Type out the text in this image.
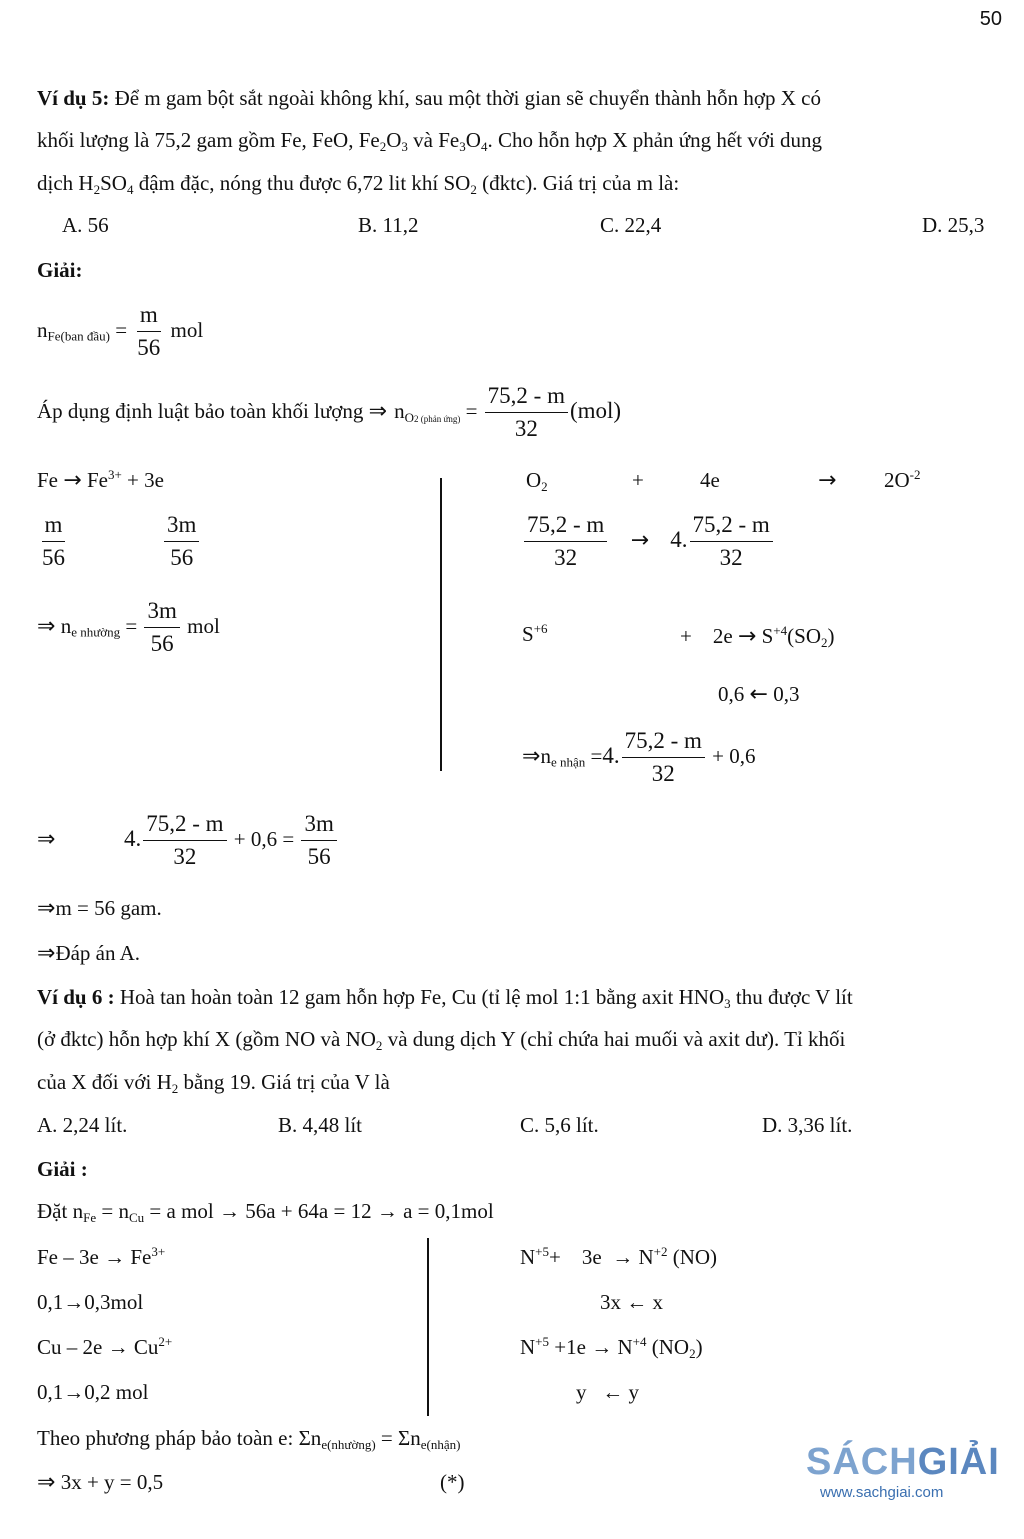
50
Ví dụ 5: Để m gam bột sắt ngoài không khí, sau một thời gian sẽ chuyển thành hỗn hợp X có
khối lượng là 75,2 gam gồm Fe, FeO, $Fe_2O_3$ và $Fe_3O_4$. Cho hỗn hợp X phản ứng hết với dung
dịch $H_2SO_4$ đậm đặc, nóng thu được 6,72 lit khí $SO_2$ (đktc). Giá trị của m là:
A. 56	B. 11,2	C. 22,4	D. 25,3
Giải:
$n_{Fe(ban đầu)} = \frac{m}{56}$ mol
Áp dụng định luật bảo toàn khối lượng ⇒ $n_{O2 (phản ứng)} = \frac{75,2 - m}{32} (mol)$
$Fe \to Fe^{3+} + 3e$
$\frac{m}{56}$	$\frac{3m}{56}$
⇒ $n_{e nhường} = \frac{3m}{56}$ mol
$O_2$	+	4e	→ $2O^{-2}$
$\frac{75,2 - m}{32} \to 4$. $\frac{75,2 - m}{32}$
$S^{+6}$	+ $2e \to S^{+4}(SO_2)$
0,6 ← 0,3
$\Rightarrow n_{e nhận} =4$. $\frac{75,2 - m}{32} + 0,6$
⇒	4. $\frac{75,2 - m}{32} + 0,6 = \frac{3m}{56}$
⇒m = 56 gam.
⇒Đáp án A.
Ví dụ 6 : Hoà tan hoàn toàn 12 gam hỗn hợp Fe, Cu (tỉ lệ mol 1:1 bằng axit $HNO_3$ thu được V lít
(ở đktc) hỗn hợp khí X (gồm NO và $NO_2$ và dung dịch Y (chỉ chứa hai muối và axit dư). Tỉ khối
của X đối với $H_2$ bằng 19. Giá trị của V là
A. 2,24 lít.	B. 4,48 lít	C. 5,6 lít.	D. 3,36 lít.
Giải :
Đặt $n_{Fe} = n_{Cu} = a$ mol → 56a + 64a = 12 → a = 0,1mol
$Fe - 3e \to Fe^{3+}$
0,1→0,3mol
$Cu - 2e \to Cu^{2+}$
0,1→0,2 mol
$N^{+5}+$    $3e \to N^{+2}$ (NO)
3x ← x
$N^{+5} +1e \to N^{+4}$ $(NO_2)$
y   ← y
Theo phương pháp bảo toàn e: $\Sigma n_{e(nhường)} = \Sigma n_{e(nhận)}$
⇒ 3x + y = 0,5	(*)	SÁCHGIẢI
www.sachgiai.com
